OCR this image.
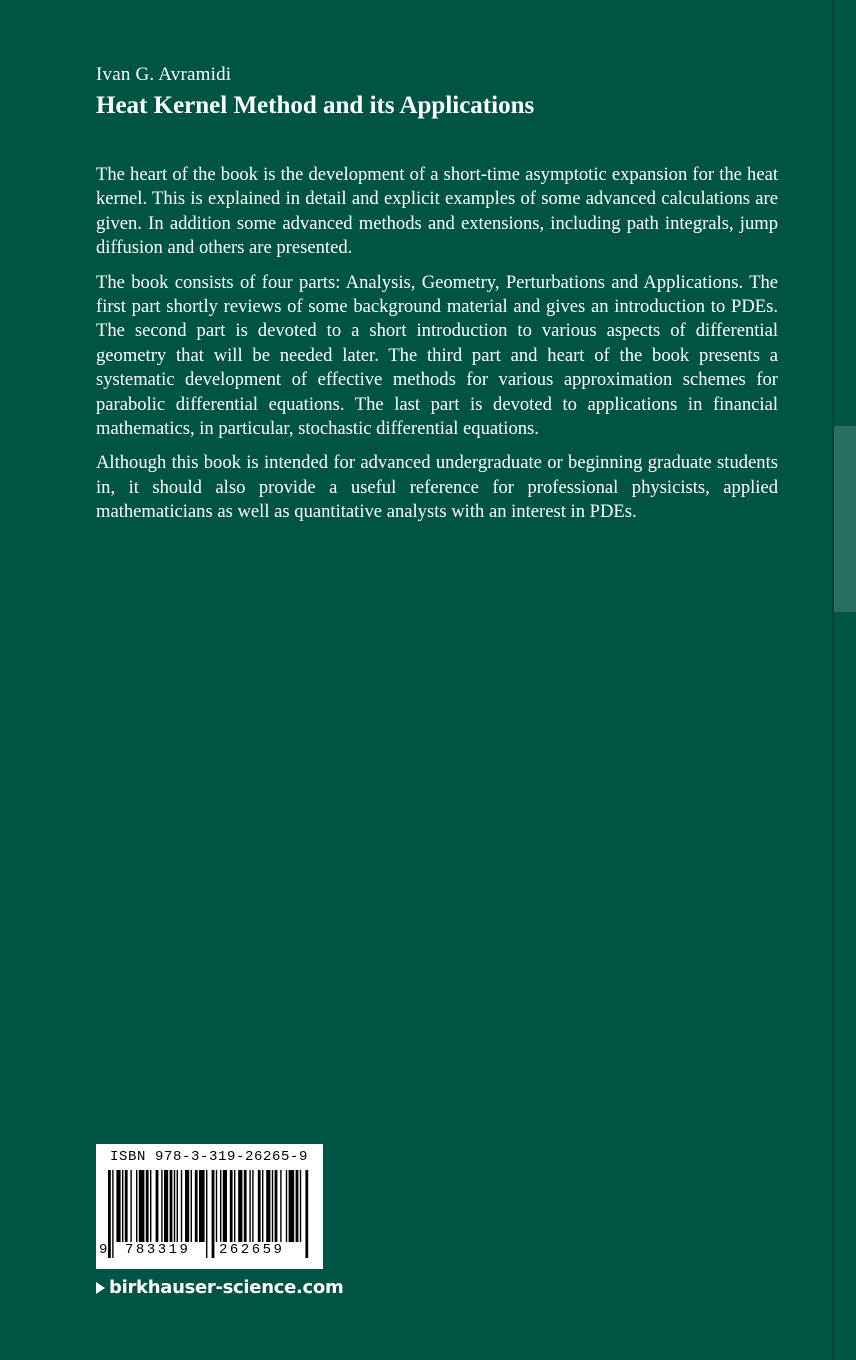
Ivan G. Avramidi
Heat Kernel Method and its Applications

The heart of the book is the development of a short-time asymptotic expansion for the heat kernel. This is explained in detail and explicit examples of some advanced calculations are given. In addition some advanced methods and extensions, including path integrals, jump diffusion and others are presented.

The book consists of four parts: Analysis, Geometry, Perturbations and Applications. The first part shortly reviews of some background material and gives an introduction to PDEs. The second part is devoted to a short introduction to various aspects of differential geometry that will be needed later. The third part and heart of the book presents a systematic development of effective methods for various approximation schemes for parabolic differential equations. The last part is devoted to applications in financial mathematics, in particular, stochastic differential equations.

Although this book is intended for advanced undergraduate or beginning graduate students in, it should also provide a useful reference for professional physicists, applied mathematicians as well as quantitative analysts with an interest in PDEs.

ISBN 978-3-319-26265-9
9 783319 262659
birkhauser-science.com
